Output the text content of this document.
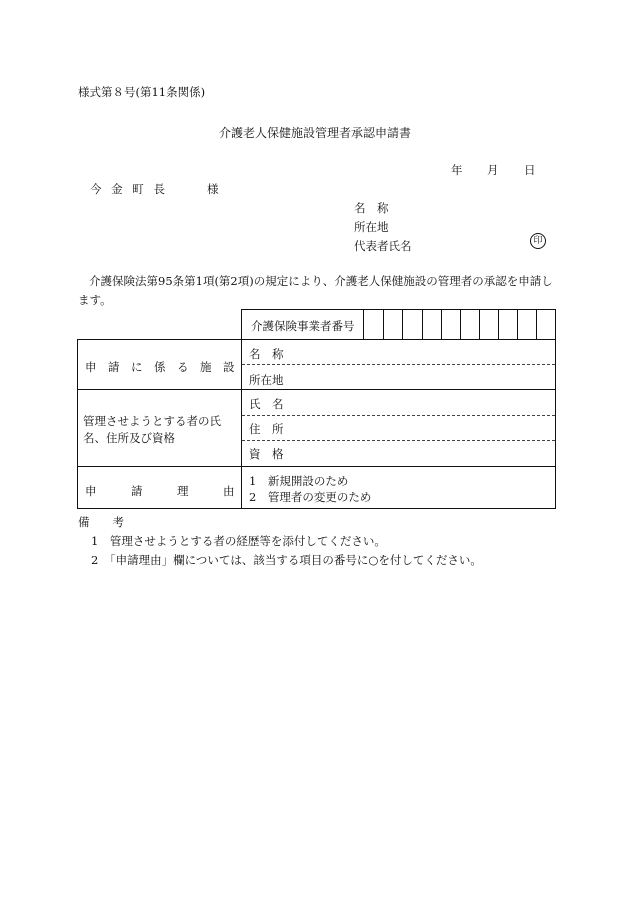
様式第８号(第11条関係)
介護老人保健施設管理者承認申請書
年 月 日
今 金 町 長	様
名　称
所在地
代表者氏名	印
介護保険法第95条第1項(第2項)の規定により、介護老人保健施設の管理者の承認を申請します。
介護保険事業者番号
申　請　に　係　る　施　設
名　称
所在地
管理させようとする者の氏名、住所及び資格
氏　名
住　所
資　格
申　　　請　　　理　　　由
1　新規開設のため
2　管理者の変更のため
備　　考
1　管理させようとする者の経歴等を添付してください。
2　「申請理由」欄については、該当する項目の番号に○を付してください。
